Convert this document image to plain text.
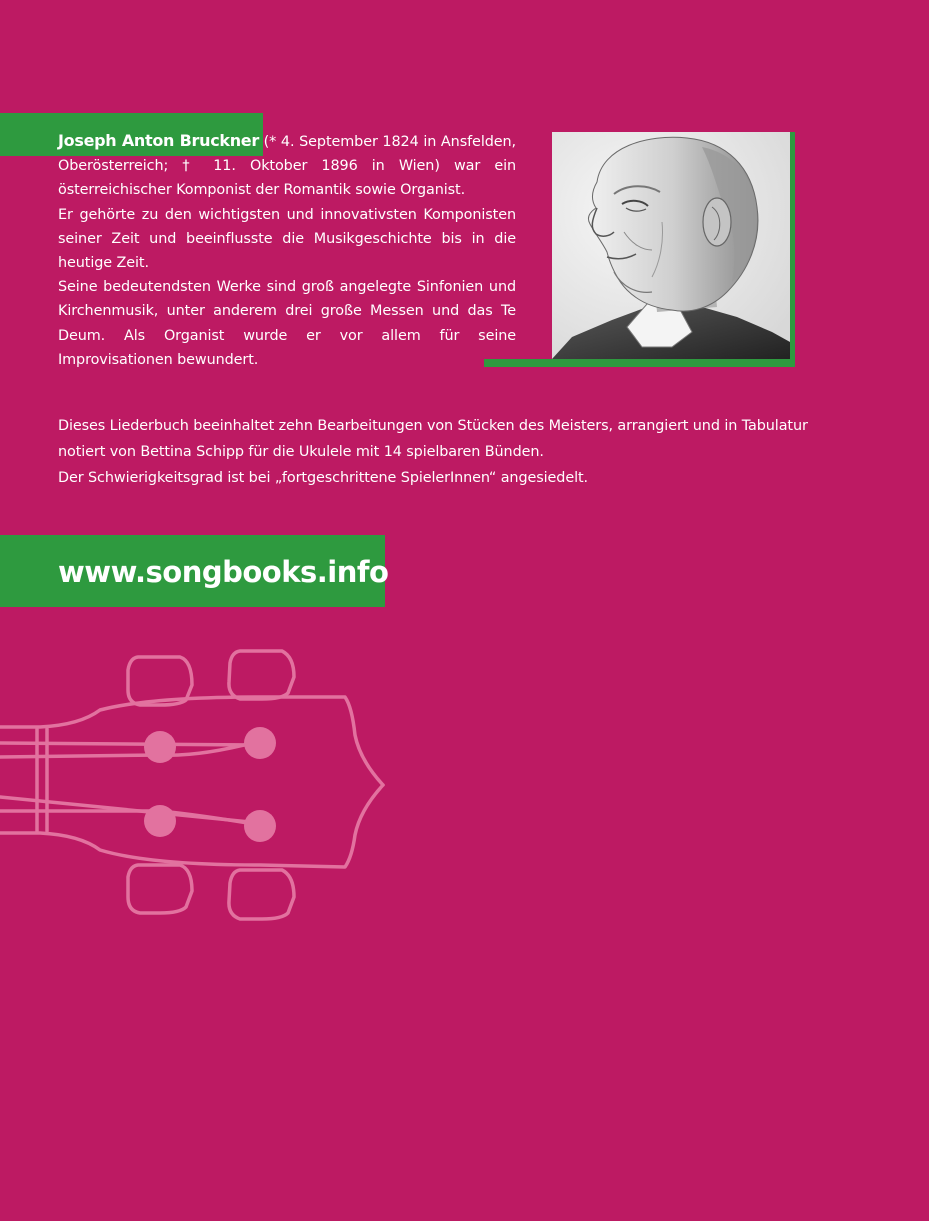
Joseph Anton Bruckner (* 4. September 1824 in Ansfelden, Oberösterreich; † 11. Oktober 1896 in Wien) war ein österreichischer Komponist der Romantik sowie Organist.

Er gehörte zu den wichtigsten und innovativsten Komponisten seiner Zeit und beeinflusste die Musikgeschichte bis in die heutige Zeit.

Seine bedeutendsten Werke sind groß angelegte Sinfonien und Kirchenmusik, unter anderem drei große Messen und das Te Deum. Als Organist wurde er vor allem für seine Improvisationen bewundert.

Dieses Liederbuch beeinhaltet zehn Bearbeitungen von Stücken des Meisters, arrangiert und in Tabulatur notiert von Bettina Schipp für die Ukulele mit 14 spielbaren Bünden.

Der Schwierigkeitsgrad ist bei „fortgeschrittene SpielerInnen“ angesiedelt.

www.songbooks.info
